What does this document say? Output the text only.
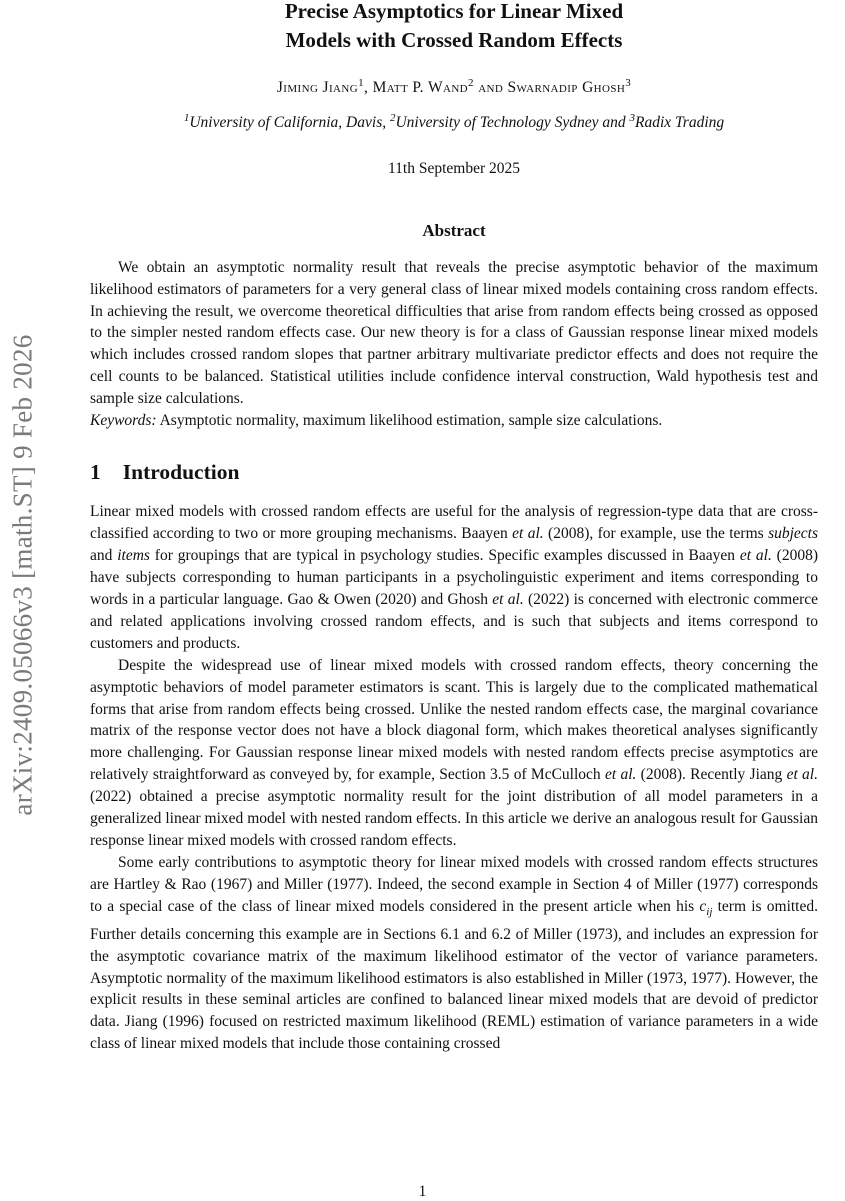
arXiv:2409.05066v3 [math.ST] 9 Feb 2026
Precise Asymptotics for Linear Mixed
Models with Crossed Random Effects
Jiming Jiang$^1$, Matt P. Wand$^2$ and Swarnadip Ghosh$^3$
$^1$University of California, Davis, $^2$University of Technology Sydney and $^3$Radix Trading
11th September 2025
Abstract
We obtain an asymptotic normality result that reveals the precise asymptotic behavior of the maximum likelihood estimators of parameters for a very general class of linear mixed models containing cross random effects. In achieving the result, we overcome theoretical difficulties that arise from random effects being crossed as opposed to the simpler nested random effects case. Our new theory is for a class of Gaussian response linear mixed models which includes crossed random slopes that partner arbitrary multivariate predictor effects and does not require the cell counts to be balanced. Statistical utilities include confidence interval construction, Wald hypothesis test and sample size calculations.
Keywords: Asymptotic normality, maximum likelihood estimation, sample size calculations.
1 Introduction

Linear mixed models with crossed random effects are useful for the analysis of regression-type data that are cross-classified according to two or more grouping mechanisms. Baayen et al. (2008), for example, use the terms subjects and items for groupings that are typical in psychology studies. Specific examples discussed in Baayen et al. (2008) have subjects corresponding to human participants in a psycholinguistic experiment and items corresponding to words in a particular language. Gao & Owen (2020) and Ghosh et al. (2022) is concerned with electronic commerce and related applications involving crossed random effects, and is such that subjects and items correspond to customers and products.

Despite the widespread use of linear mixed models with crossed random effects, theory concerning the asymptotic behaviors of model parameter estimators is scant. This is largely due to the complicated mathematical forms that arise from random effects being crossed. Unlike the nested random effects case, the marginal covariance matrix of the response vector does not have a block diagonal form, which makes theoretical analyses significantly more challenging. For Gaussian response linear mixed models with nested random effects precise asymptotics are relatively straightforward as conveyed by, for example, Section 3.5 of McCulloch et al. (2008). Recently Jiang et al. (2022) obtained a precise asymptotic normality result for the joint distribution of all model parameters in a generalized linear mixed model with nested random effects. In this article we derive an analogous result for Gaussian response linear mixed models with crossed random effects.

Some early contributions to asymptotic theory for linear mixed models with crossed random effects structures are Hartley & Rao (1967) and Miller (1977). Indeed, the second example in Section 4 of Miller (1977) corresponds to a special case of the class of linear mixed models considered in the present article when his $c_{ij}$ term is omitted. Further details concerning this example are in Sections 6.1 and 6.2 of Miller (1973), and includes an expression for the asymptotic covariance matrix of the maximum likelihood estimator of the vector of variance parameters. Asymptotic normality of the maximum likelihood estimators is also established in Miller (1973, 1977). However, the explicit results in these seminal articles are confined to balanced linear mixed models that are devoid of predictor data. Jiang (1996) focused on restricted maximum likelihood (REML) estimation of variance parameters in a wide class of linear mixed models that include those containing crossed

1
